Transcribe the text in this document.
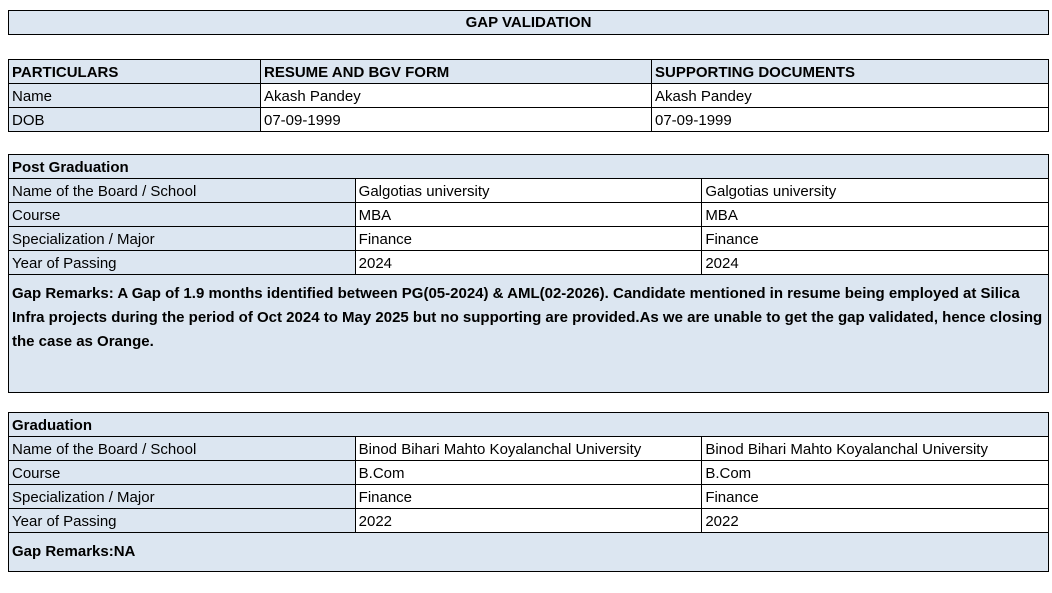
GAP VALIDATION
PARTICULARS	RESUME AND BGV FORM	SUPPORTING DOCUMENTS
Name	Akash Pandey	Akash Pandey
DOB	07-09-1999	07-09-1999
Post Graduation		
Name of the Board / School	Galgotias university	Galgotias university
Course	MBA	MBA
Specialization / Major	Finance	Finance
Year of Passing	2024	2024
Gap Remarks: A Gap of 1.9 months identified between PG(05-2024) & AML(02-2026). Candidate mentioned in resume being employed at Silica Infra projects during the period of Oct 2024 to May 2025 but no supporting are provided.As we are unable to get the gap validated, hence closing the case as Orange.		
Graduation		
Name of the Board / School	Binod Bihari Mahto Koyalanchal University	Binod Bihari Mahto Koyalanchal University
Course	B.Com	B.Com
Specialization / Major	Finance	Finance
Year of Passing	2022	2022
Gap Remarks:NA		
